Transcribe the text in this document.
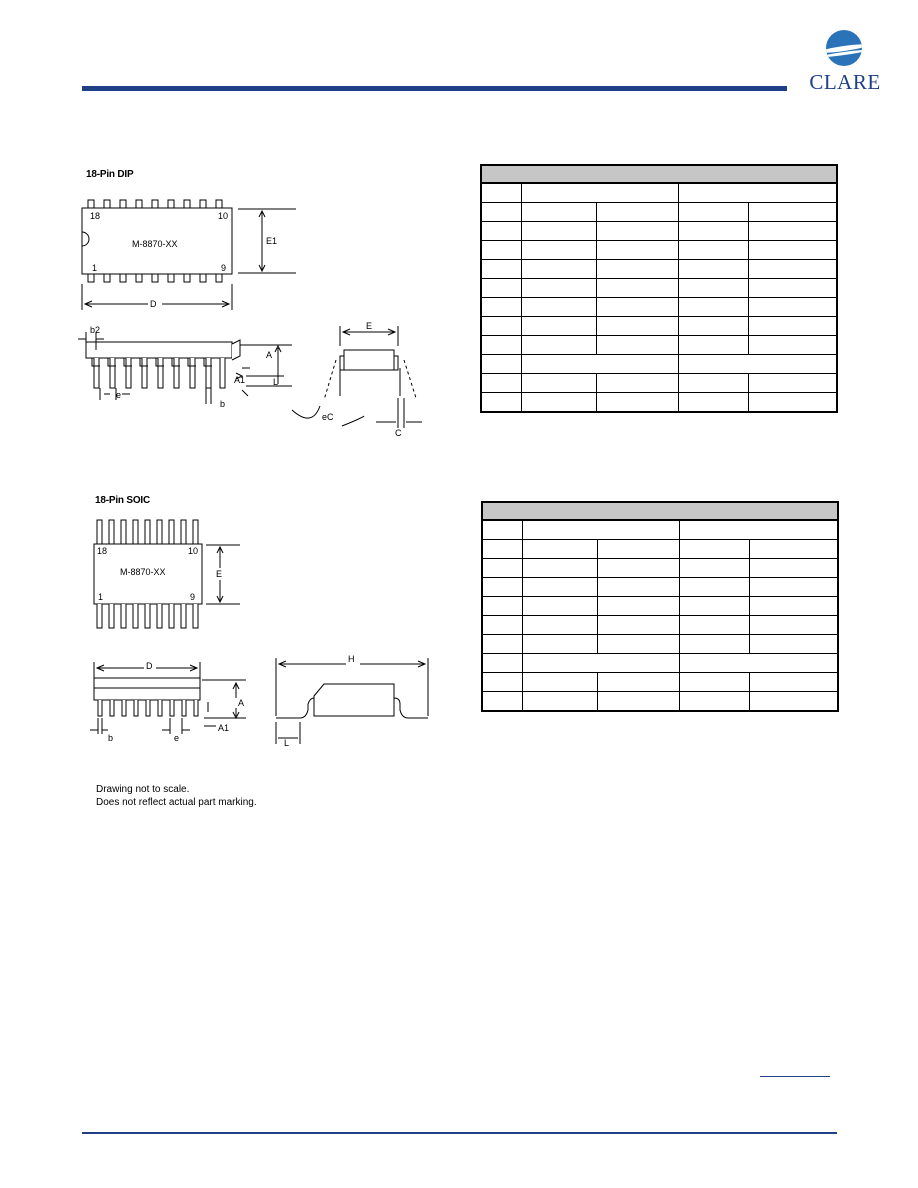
CLARE
18-Pin DIP
18	10
1	9
M-8870-XX	E1
D
b2
A
A1	L
e
b
E
eC
C

18-Pin SOIC
18	10
1	9
M-8870-XX	E
D
A
A1
b	e
H
L

Drawing not to scale.
Does not reflect actual part marking.
